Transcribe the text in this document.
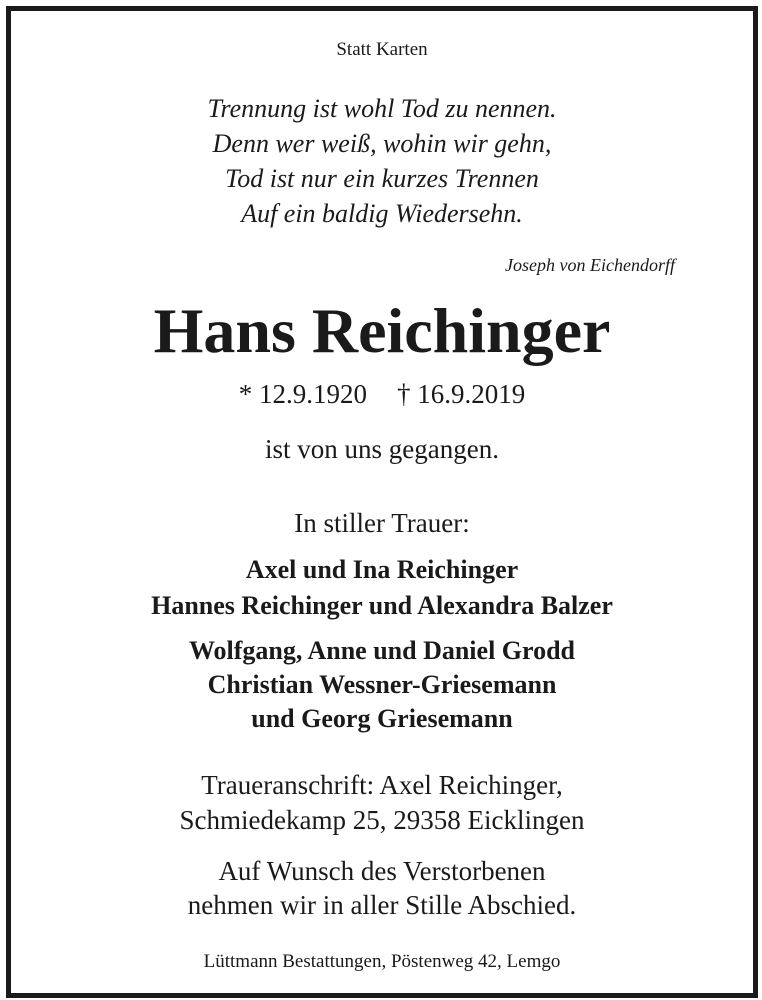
Statt Karten

Trennung ist wohl Tod zu nennen.
Denn wer weiß, wohin wir gehn,
Tod ist nur ein kurzes Trennen
Auf ein baldig Wiedersehn.

Joseph von Eichendorff

Hans Reichinger

* 12.9.1920 † 16.9.2019

ist von uns gegangen.

In stiller Trauer:

Axel und Ina Reichinger
Hannes Reichinger und Alexandra Balzer
Wolfgang, Anne und Daniel Grodd
Christian Wessner-Griesemann
und Georg Griesemann
Traueranschrift: Axel Reichinger,
Schmiedekamp 25, 29358 Eicklingen
Auf Wunsch des Verstorbenen
nehmen wir in aller Stille Abschied.

Lüttmann Bestattungen, Pöstenweg 42, Lemgo
